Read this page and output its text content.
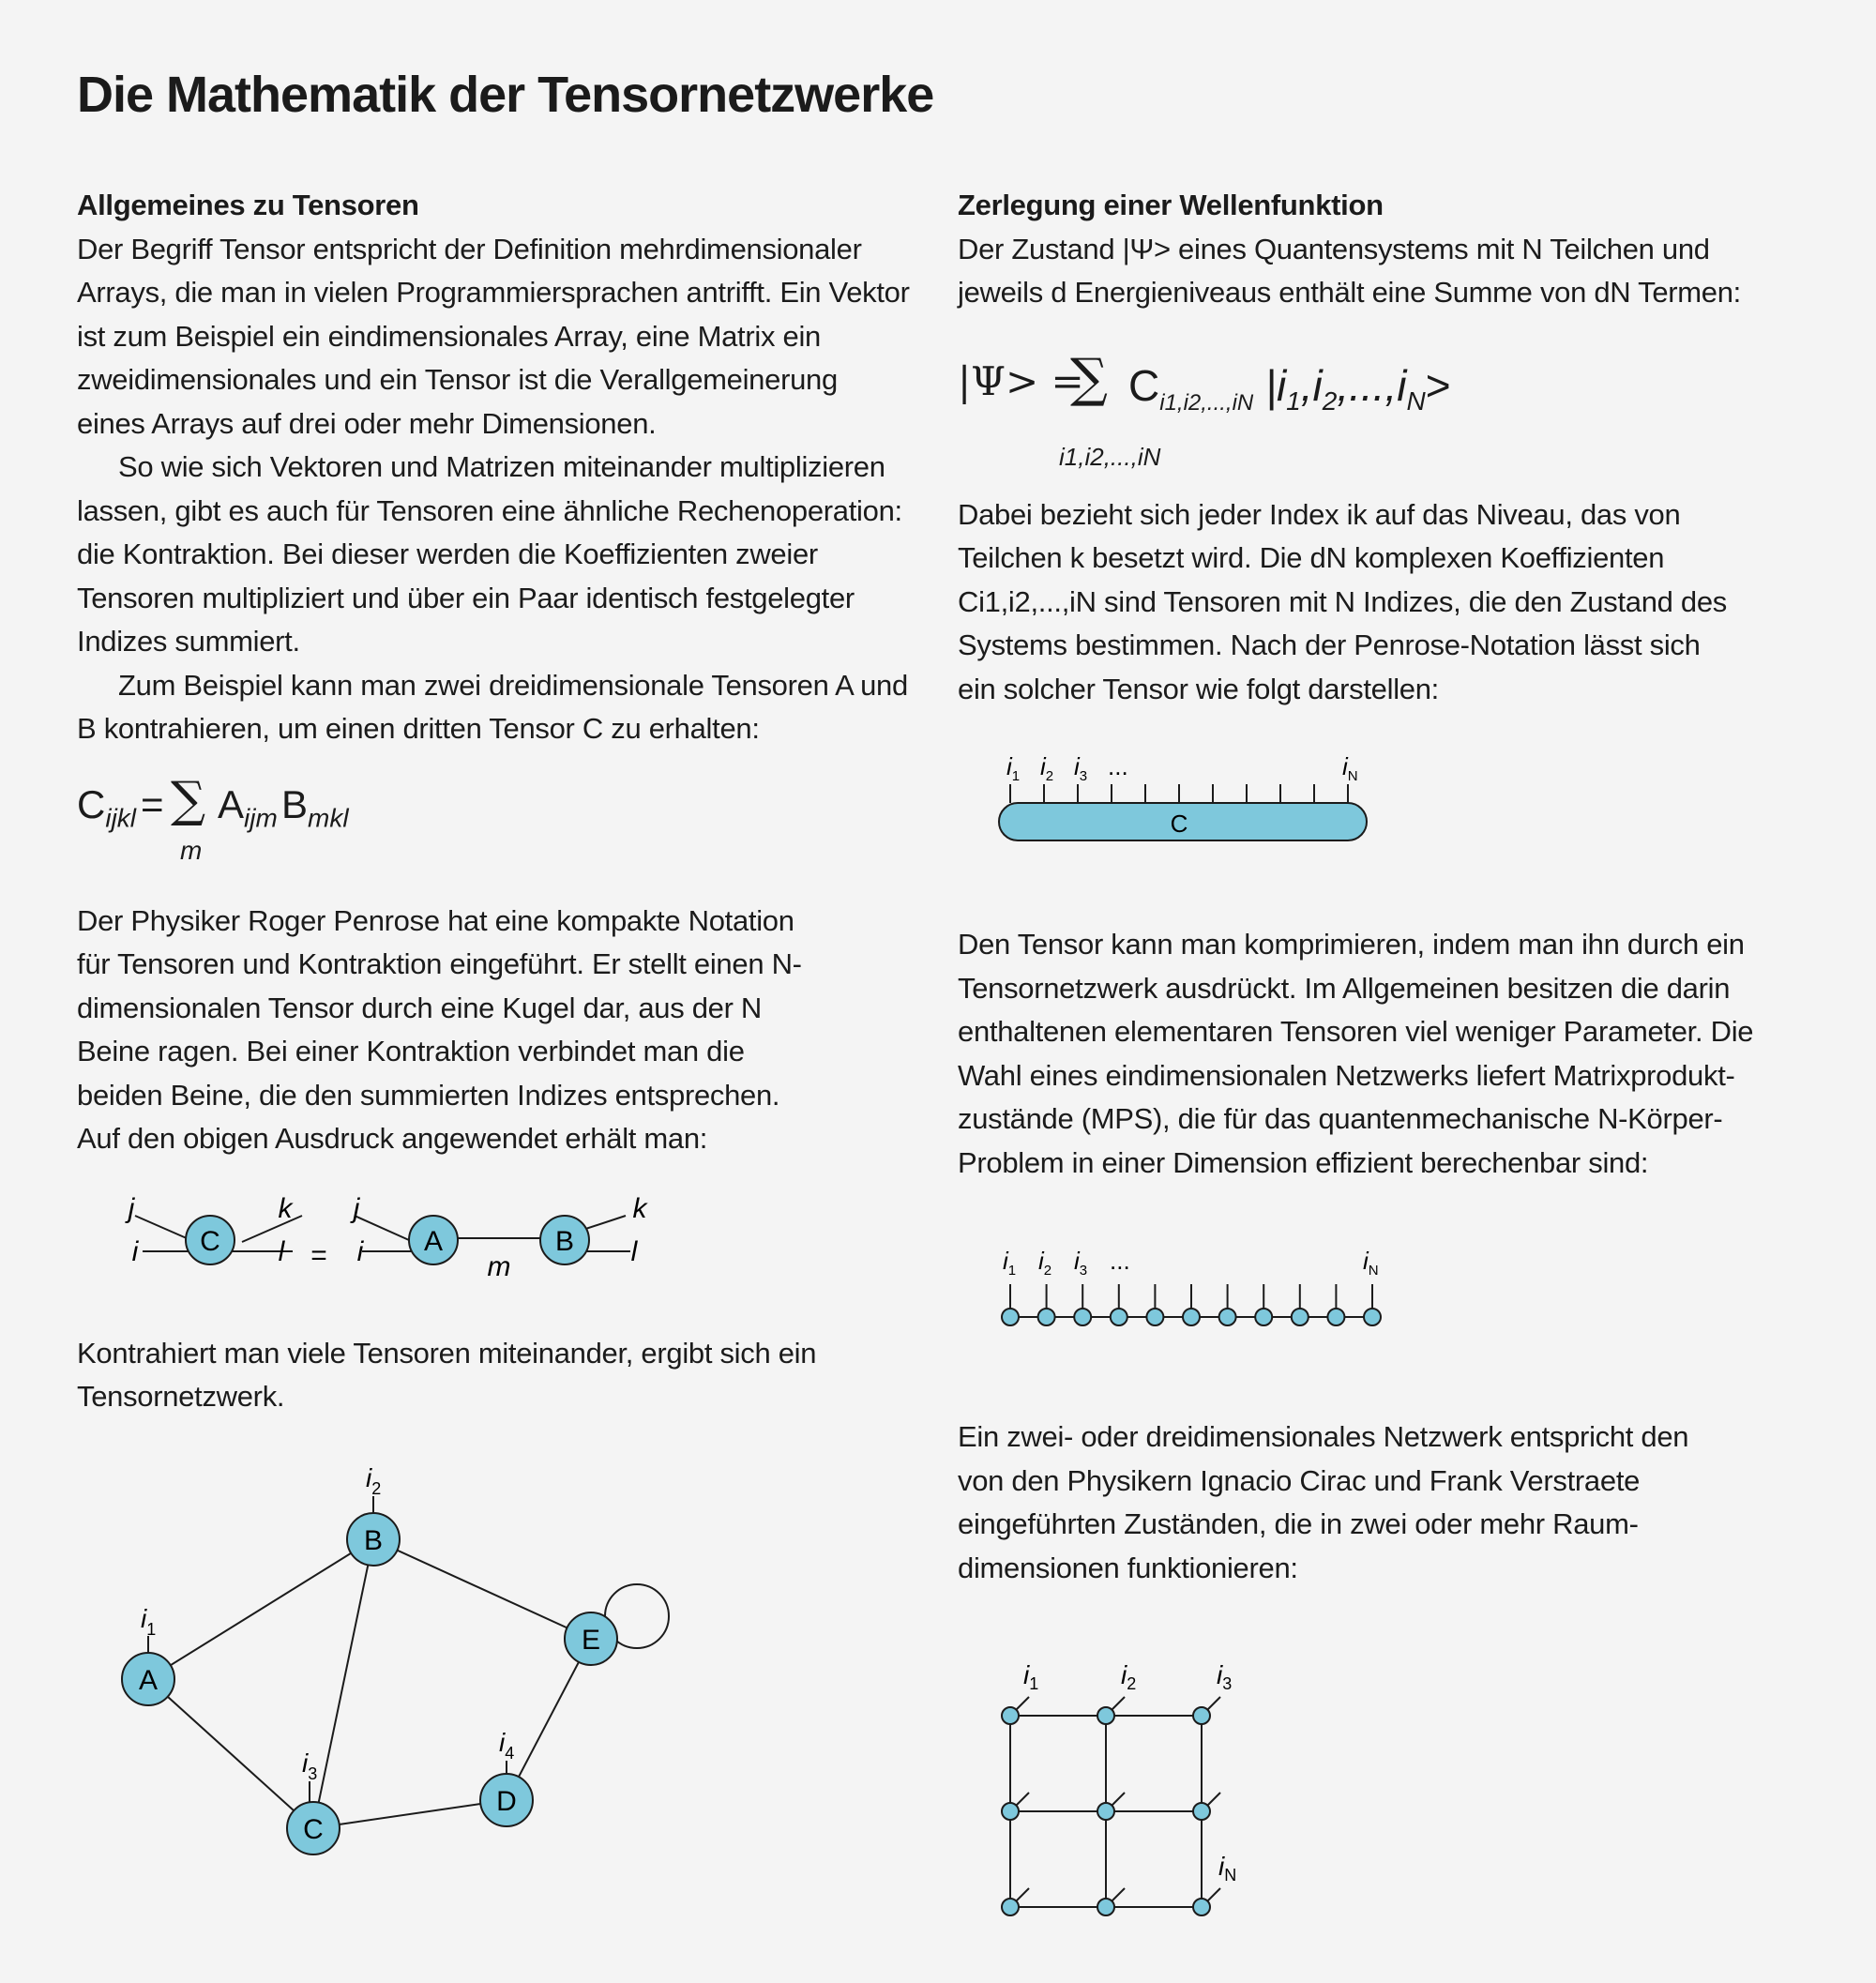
Die Mathematik der Tensornetzwerke
Allgemeines zu Tensoren

Der Begriff Tensor entspricht der Definition mehrdimensionaler Arrays, die man in vielen Programmiersprachen antrifft. Ein Vektor ist zum Beispiel ein eindimensionales Array, eine Matrix ein zweidimensionales und ein Tensor ist die Verallgemeinerung eines Arrays auf drei oder mehr Dimensionen.

So wie sich Vektoren und Matrizen miteinander multiplizieren lassen, gibt es auch für Tensoren eine ähnliche Rechenoperation: die Kontraktion. Bei dieser werden die Koeffizienten zweier Tensoren multipliziert und über ein Paar identisch festgelegter Indizes summiert.

Zum Beispiel kann man zwei dreidimensionale Tensoren A und B kontrahieren, um einen dritten Tensor C zu erhalten:

$C_{ijkl}$ = ∑
m
$A_{ijm}$ $B_{mkl}$

Der Physiker Roger Penrose hat eine kompakte Notation für Tensoren und Kontraktion eingeführt. Er stellt einen N-dimensionalen Tensor durch eine Kugel dar, aus der N Beine ragen. Bei einer Kontraktion verbindet man die beiden Beine, die den summierten Indizes entsprechen. Auf den obigen Ausdruck angewendet erhält man:

C	A	B
=
i
j	k
l	i
j	k
l
m

Kontrahiert man viele Tensoren miteinander, ergibt sich ein Tensornetzwerk.

A
B
C
D
E
$i_1$
$i_2$
$i_3$
$i_4$
Zerlegung einer Wellenfunktion

Der Zustand |Ψ> eines Quantensystems mit N Teilchen und jeweils d Energieniveaus enthält eine Summe von dN Termen:

|Ψ> =
∑ $C_{i1,i2,...,iN}$ $|i_1,i_2,...,i_N>$
i1,i2,...,iN

Dabei bezieht sich jeder Index ik auf das Niveau, das von Teilchen k besetzt wird. Die dN komplexen Koeffizienten Ci1,i2,...,iN sind Tensoren mit N Indizes, die den Zustand des Systems bestimmen. Nach der Penrose-Notation lässt sich ein solcher Tensor wie folgt darstellen:

C
$i_1$ $i_2$ $i_3$ ...	$i_N$

Den Tensor kann man komprimieren, indem man ihn durch ein Tensornetzwerk ausdrückt. Im Allgemeinen besitzen die darin enthaltenen elementaren Tensoren viel weniger Parameter. Die Wahl eines eindimensionalen Netzwerks liefert Matrixprodukt-zustände (MPS), die für das quantenmechanische N-Körper-Problem in einer Dimension effizient berechenbar sind:

$i_1$ $i_2$ $i_3$ ...	$i_N$

Ein zwei- oder dreidimensionales Netzwerk entspricht den von den Physikern Ignacio Cirac und Frank Verstraete eingeführten Zuständen, die in zwei oder mehr Raum-dimensionen funktionieren:

$i_1$	$i_2$	$i_3$
$i_N$
